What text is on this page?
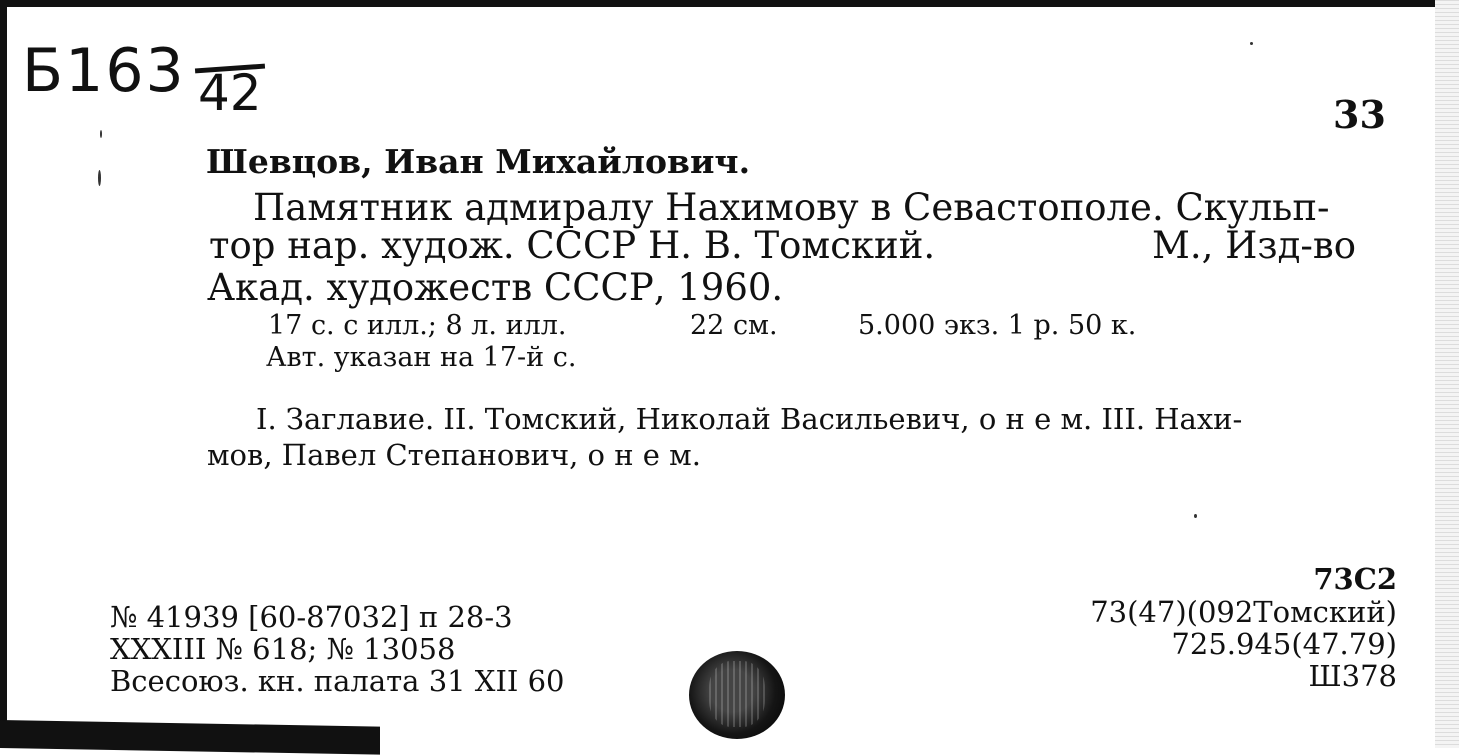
Б163 42	33
Шевцов, Иван Михайлович.
Памятник адмиралу Нахимову в Севастополе. Скульп-
тор нар. худож. СССР Н. В. Томский.	М., Изд-во
Акад. художеств СССР, 1960.
17 с. с илл.; 8 л. илл.	22 см.	5.000 экз. 1 р. 50 к.
Авт. указан на 17-й с.
I. Заглавие. II. Томский, Николай Васильевич, о н е м. III. Нахи-
мов, Павел Степанович, о н е м.
№ 41939 [60-87032] п 28-3
XXXIII № 618; № 13058
Всесоюз. кн. палата 31 XII 60
73С2
73(47)(092Томский)
725.945(47.79)
Ш378
